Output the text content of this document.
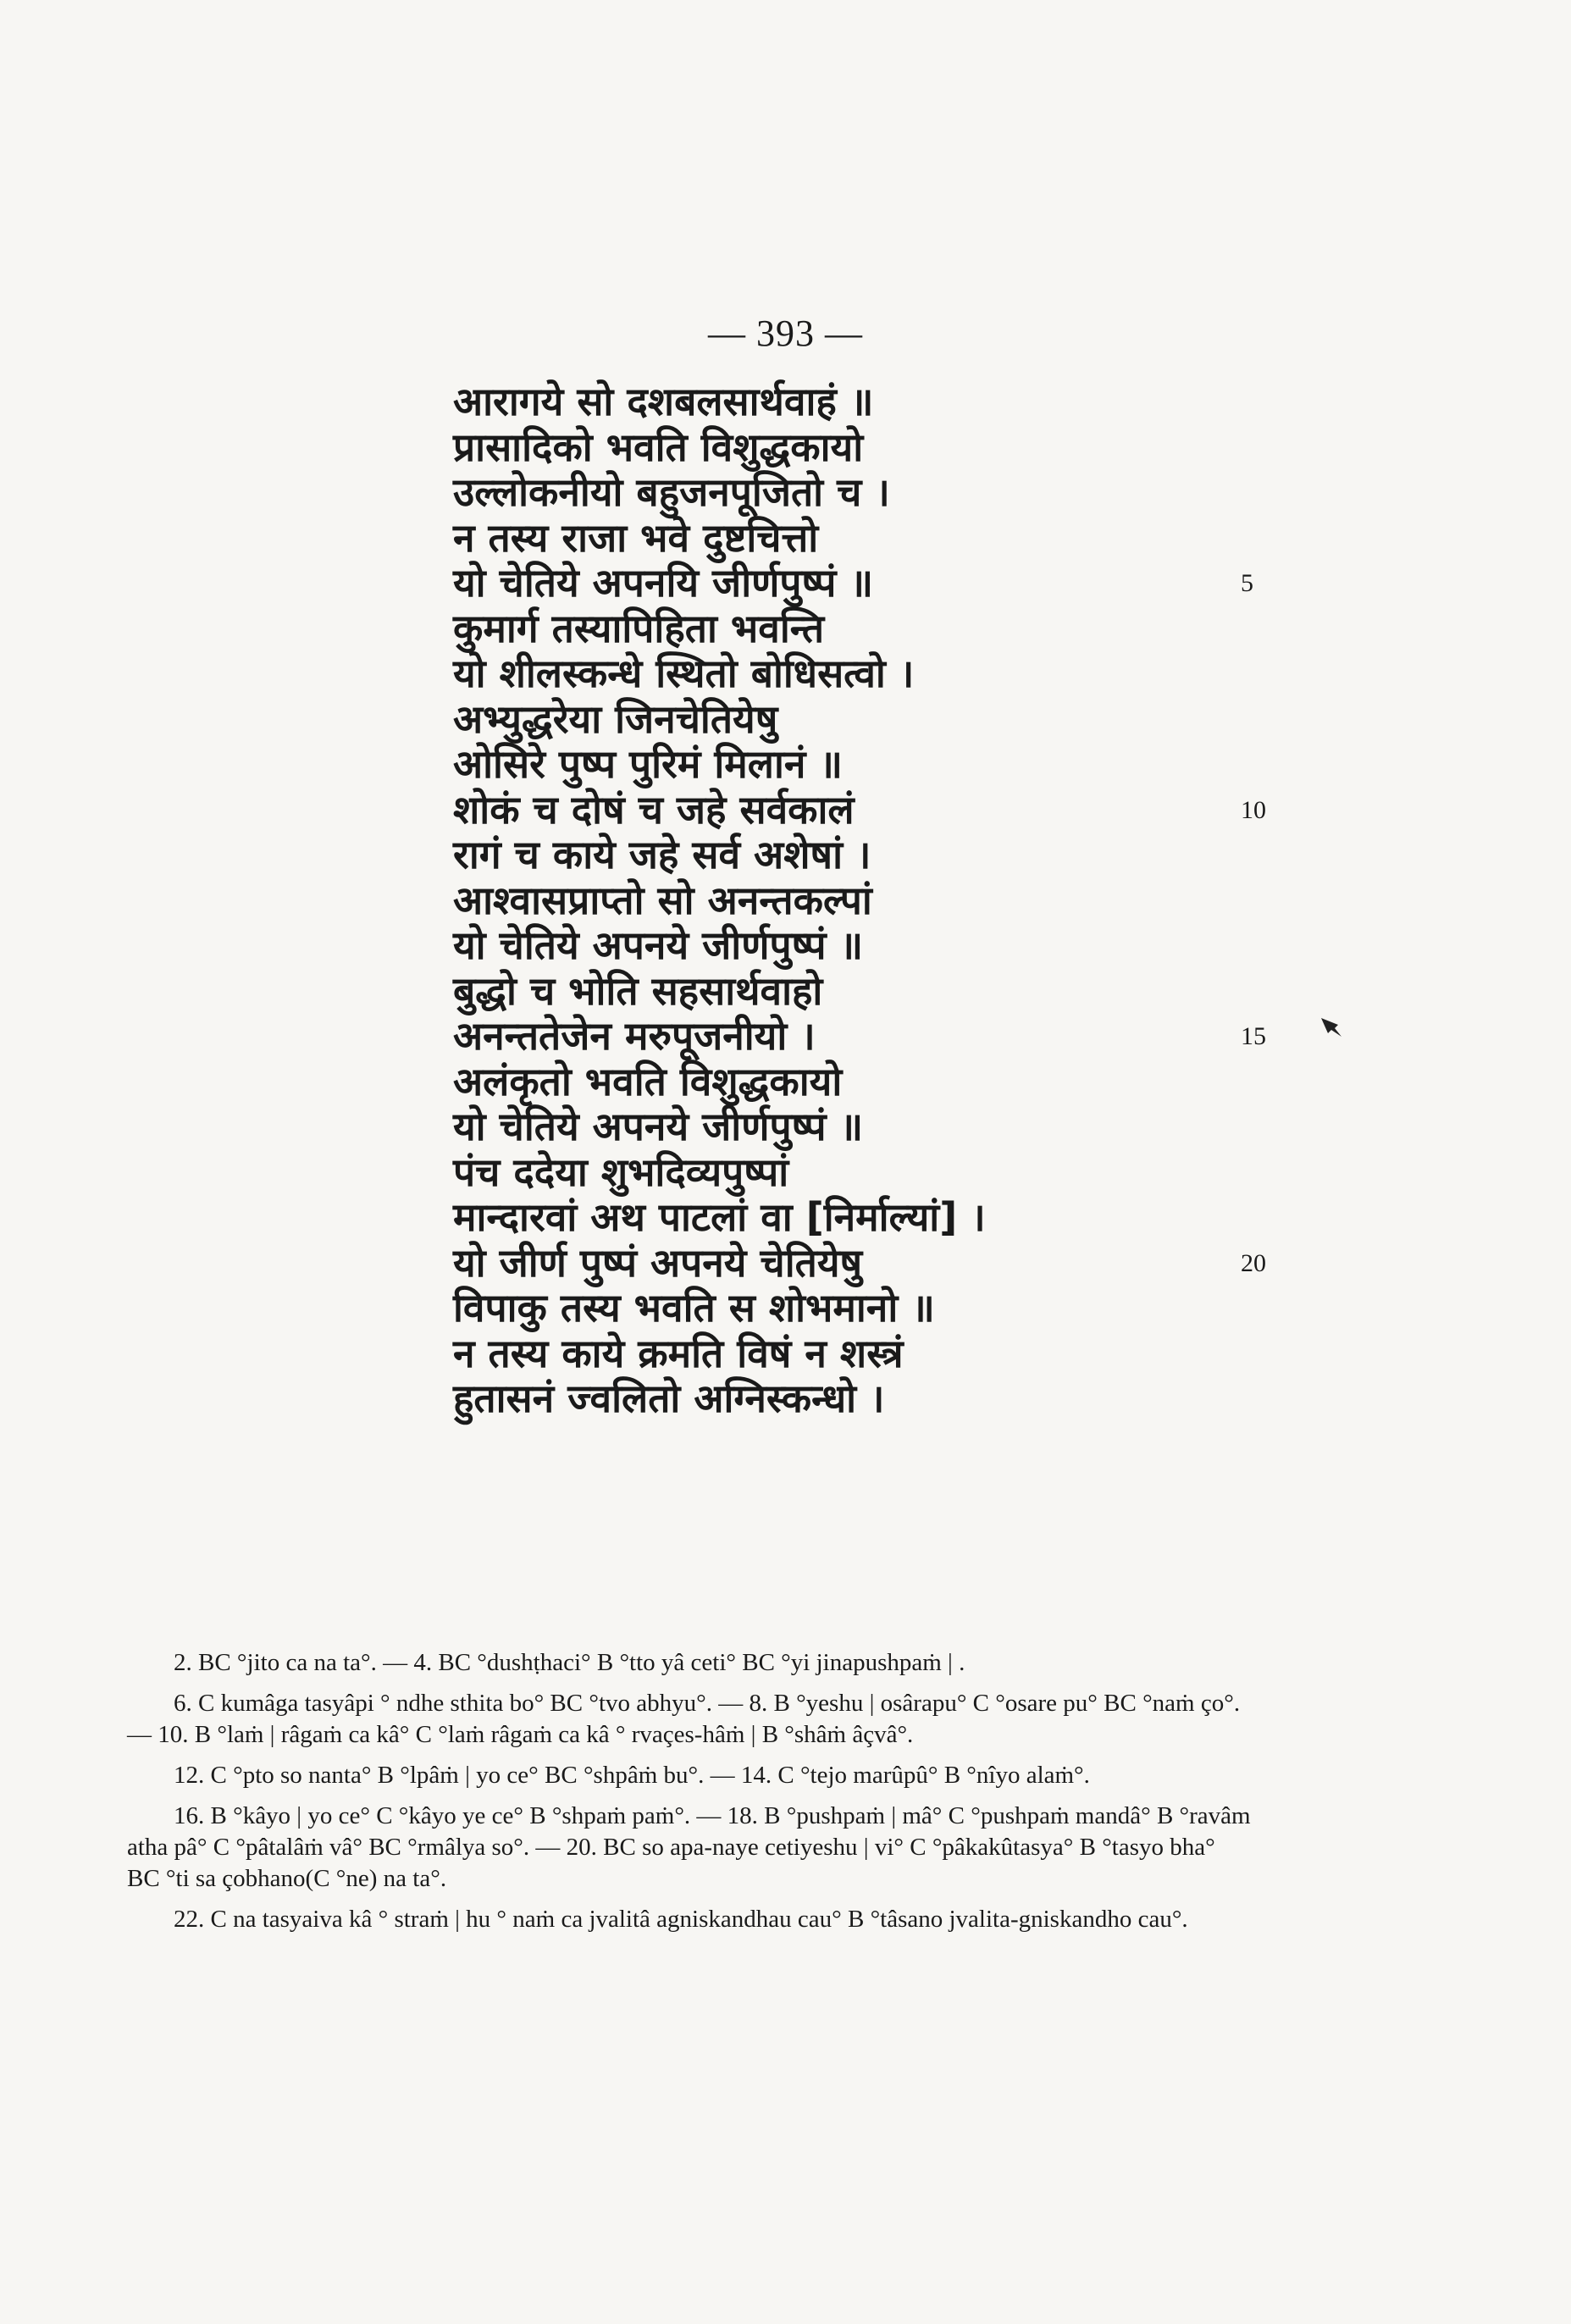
— 393 —
आरागये सो दशबलसार्थवाहं ॥
प्रासादिको भवति विशुद्धकायो
उल्लोकनीयो बहुजनपूजितो च ।
न तस्य राजा भवे दुष्टचित्तो
यो चेतिये अपनयि जीर्णपुष्पं ॥	5
कुमार्ग तस्यापिहिता भवन्ति
यो शीलस्कन्धे स्थितो बोधिसत्वो ।
अभ्युद्धरेया जिनचेतियेषु
ओसिरे पुष्प पुरिमं मिलानं ॥
शोकं च दोषं च जहे सर्वकालं	10
रागं च काये जहे सर्व अशेषां ।
आश्वासप्राप्तो सो अनन्तकल्पां
यो चेतिये अपनये जीर्णपुष्पं ॥
बुद्धो च भोति सहसार्थवाहो
अनन्ततेजेन मरुपूजनीयो ।	15
अलंकृतो भवति विशुद्धकायो
यो चेतिये अपनये जीर्णपुष्पं ॥
पंच ददेया शुभदिव्यपुष्पां
मान्दारवां अथ पाटलां वा [निर्माल्यां] ।
यो जीर्ण पुष्पं अपनये चेतियेषु	20
विपाकु तस्य भवति स शोभमानो ॥
न तस्य काये क्रमति विषं न शस्त्रं
हुतासनं ज्वलितो अग्निस्कन्धो ।

2. BC °jito ca na ta°. — 4. BC °dushṭhaci° B °tto yâ ceti° BC °yi jinapushpaṁ | .

6. C kumâga tasyâpi ° ndhe sthita bo° BC °tvo abhyu°. — 8. B °yeshu | osârapu° C °osare pu° BC °naṁ ço°. — 10. B °laṁ | râgaṁ ca kâ° C °laṁ râgaṁ ca kâ ° rvaçes-hâṁ | B °shâṁ âçvâ°.

12. C °pto so nanta° B °lpâṁ | yo ce° BC °shpâṁ bu°. — 14. C °tejo marûpû° B °nîyo alaṁ°.

16. B °kâyo | yo ce° C °kâyo ye ce° B °shpaṁ paṁ°. — 18. B °pushpaṁ | mâ° C °pushpaṁ mandâ° B °ravâm atha pâ° C °pâtalâṁ vâ° BC °rmâlya so°. — 20. BC so apa-naye cetiyeshu | vi° C °pâkakûtasya° B °tasyo bha° BC °ti sa çobhano(C °ne) na ta°.

22. C na tasyaiva kâ ° straṁ | hu ° naṁ ca jvalitâ agniskandhau cau° B °tâsano jvalita-gniskandho cau°.
